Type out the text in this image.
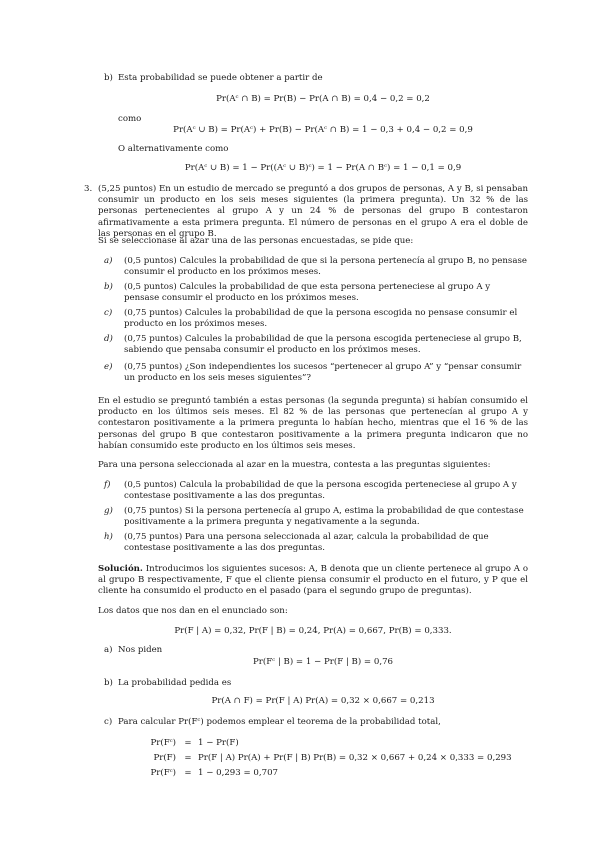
b) Esta probabilidad se puede obtener a partir de
Pr(Aᶜ ∩ B) = Pr(B) − Pr(A ∩ B) = 0,4 − 0,2 = 0,2
como
Pr(Aᶜ ∪ B) = Pr(Aᶜ) + Pr(B) − Pr(Aᶜ ∩ B) = 1 − 0,3 + 0,4 − 0,2 = 0,9
O alternativamente como
Pr(Aᶜ ∪ B) = 1 − Pr((Aᶜ ∪ B)ᶜ) = 1 − Pr(A ∩ Bᶜ) = 1 − 0,1 = 0,9
3. (5,25 puntos) En un estudio de mercado se preguntó a dos grupos de personas, A y B, si pensaban consumir un producto en los seis meses siguientes (la primera pregunta). Un 32 % de las personas pertenecientes al grupo A y un 24 % de personas del grupo B contestaron afirmativamente a esta primera pregunta. El número de personas en el grupo A era el doble de las personas en el grupo B.
Si se seleccionase al azar una de las personas encuestadas, se pide que:
a) (0,5 puntos) Calcules la probabilidad de que si la persona pertenecía al grupo B, no pensase consumir el producto en los próximos meses.
b) (0,5 puntos) Calcules la probabilidad de que esta persona perteneciese al grupo A y pensase consumir el producto en los próximos meses.
c) (0,75 puntos) Calcules la probabilidad de que la persona escogida no pensase consumir el producto en los próximos meses.
d) (0,75 puntos) Calcules la probabilidad de que la persona escogida perteneciese al grupo B, sabiendo que pensaba consumir el producto en los próximos meses.
e) (0,75 puntos) ¿Son independientes los sucesos “pertenecer al grupo A” y “pensar consumir un producto en los seis meses siguientes”?
En el estudio se preguntó también a estas personas (la segunda pregunta) si habían consumido el producto en los últimos seis meses. El 82 % de las personas que pertenecían al grupo A y contestaron positivamente a la primera pregunta lo habían hecho, mientras que el 16 % de las personas del grupo B que contestaron positivamente a la primera pregunta indicaron que no habían consumido este producto en los últimos seis meses.
Para una persona seleccionada al azar en la muestra, contesta a las preguntas siguientes:
f) (0,5 puntos) Calcula la probabilidad de que la persona escogida perteneciese al grupo A y contestase positivamente a las dos preguntas.
g) (0,75 puntos) Si la persona pertenecía al grupo A, estima la probabilidad de que contestase positivamente a la primera pregunta y negativamente a la segunda.
h) (0,75 puntos) Para una persona seleccionada al azar, calcula la probabilidad de que contestase positivamente a las dos preguntas.
Solución. Introducimos los siguientes sucesos: A, B denota que un cliente pertenece al grupo A o al grupo B respectivamente, F que el cliente piensa consumir el producto en el futuro, y P que el cliente ha consumido el producto en el pasado (para el segundo grupo de preguntas).
Los datos que nos dan en el enunciado son:
Pr(F | A) = 0,32, Pr(F | B) = 0,24, Pr(A) = 0,667, Pr(B) = 0,333.
a) Nos piden
Pr(Fᶜ | B) = 1 − Pr(F | B) = 0,76
b) La probabilidad pedida es
Pr(A ∩ F) = Pr(F | A) Pr(A) = 0,32 × 0,667 = 0,213
c) Para calcular Pr(Fᶜ) podemos emplear el teorema de la probabilidad total,
Pr(Fᶜ) = 1 − Pr(F)
Pr(F) = Pr(F | A) Pr(A) + Pr(F | B) Pr(B) = 0,32 × 0,667 + 0,24 × 0,333 = 0,293
Pr(Fᶜ) = 1 − 0,293 = 0,707
